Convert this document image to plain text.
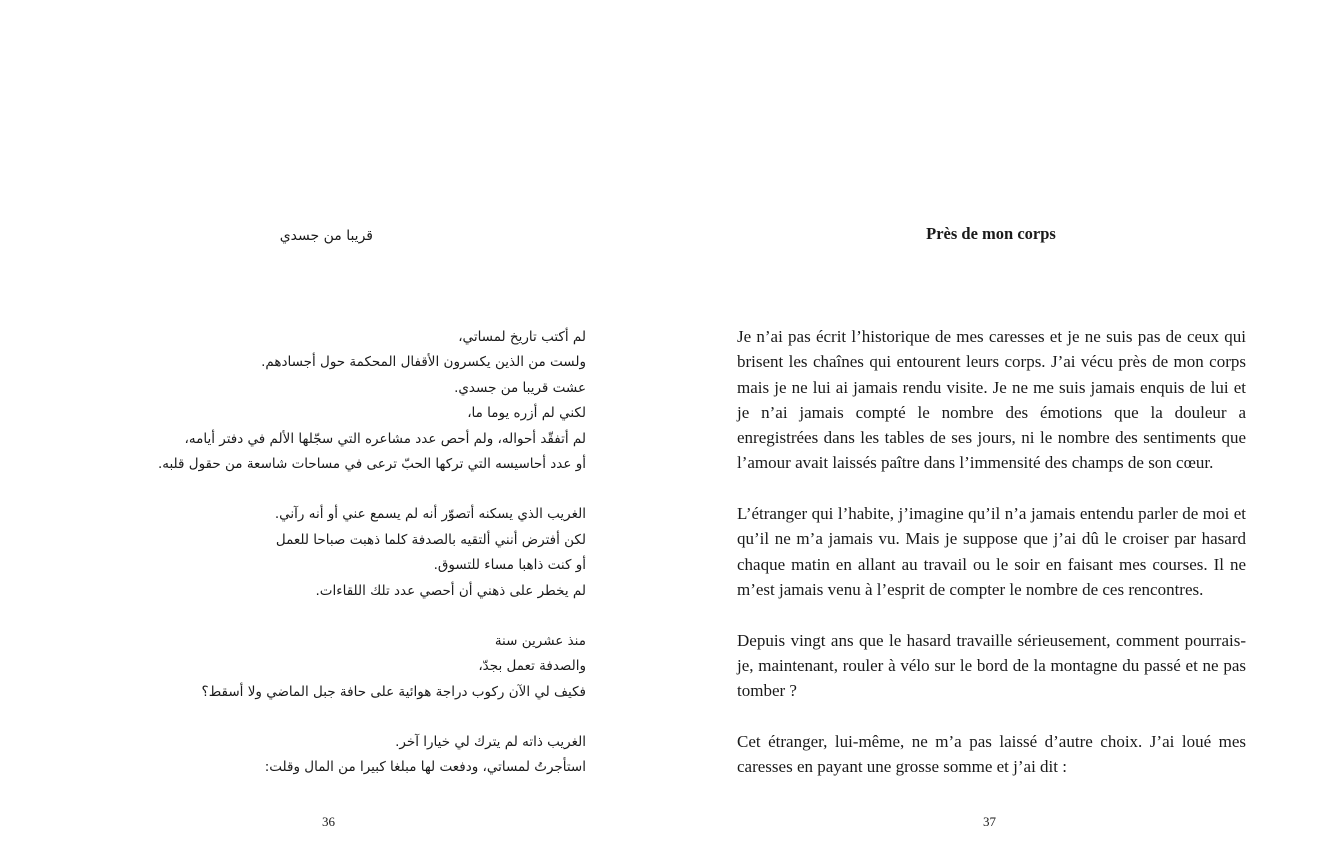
قريبا من جسدي
لم أكتب تاريخ لمساتي،
ولست من الذين يكسرون الأقفال المحكمة حول أجسادهم.
عشت قريبا من جسدي.
لكني لم أزره يوما ما،
لم أتفقّد أحواله، ولم أحص عدد مشاعره التي سجّلها الألم في دفتر أيامه،
أو عدد أحاسيسه التي تركها الحبّ ترعى في مساحات شاسعة من حقول قلبه.
الغريب الذي يسكنه أتصوّر أنه لم يسمع عني أو أنه رآني.
لكن أفترض أنني ألتقيه بالصدفة كلما ذهبت صباحا للعمل
أو كنت ذاهبا مساء للتسوق.
لم يخطر على ذهني أن أحصي عدد تلك اللقاءات.
منذ عشرين سنة
والصدفة تعمل بجدّ،
فكيف لي الآن ركوب دراجة هوائية على حافة جبل الماضي ولا أسقط؟
الغريب ذاته لم يترك لي خيارا آخر.
استأجرتُ لمساتي، ودفعت لها مبلغا كبيرا من المال وقلت:
36
Près de mon corps

Je n’ai pas écrit l’historique de mes caresses et je ne suis pas de ceux qui brisent les chaînes qui entourent leurs corps. J’ai vécu près de mon corps mais je ne lui ai jamais rendu visite. Je ne me suis jamais enquis de lui et je n’ai jamais compté le nombre des émotions que la douleur a enregistrées dans les tables de ses jours, ni le nombre des sentiments que l’amour avait laissés paître dans l’immensité des champs de son cœur.

L’étranger qui l’habite, j’imagine qu’il n’a jamais entendu parler de moi et qu’il ne m’a jamais vu. Mais je suppose que j’ai dû le croiser par hasard chaque matin en allant au travail ou le soir en faisant mes courses. Il ne m’est jamais venu à l’esprit de compter le nombre de ces rencontres.

Depuis vingt ans que le hasard travaille sérieusement, comment pourrais-je, maintenant, rouler à vélo sur le bord de la montagne du passé et ne pas tomber ?

Cet étranger, lui-même, ne m’a pas laissé d’autre choix. J’ai loué mes caresses en payant une grosse somme et j’ai dit :

37
